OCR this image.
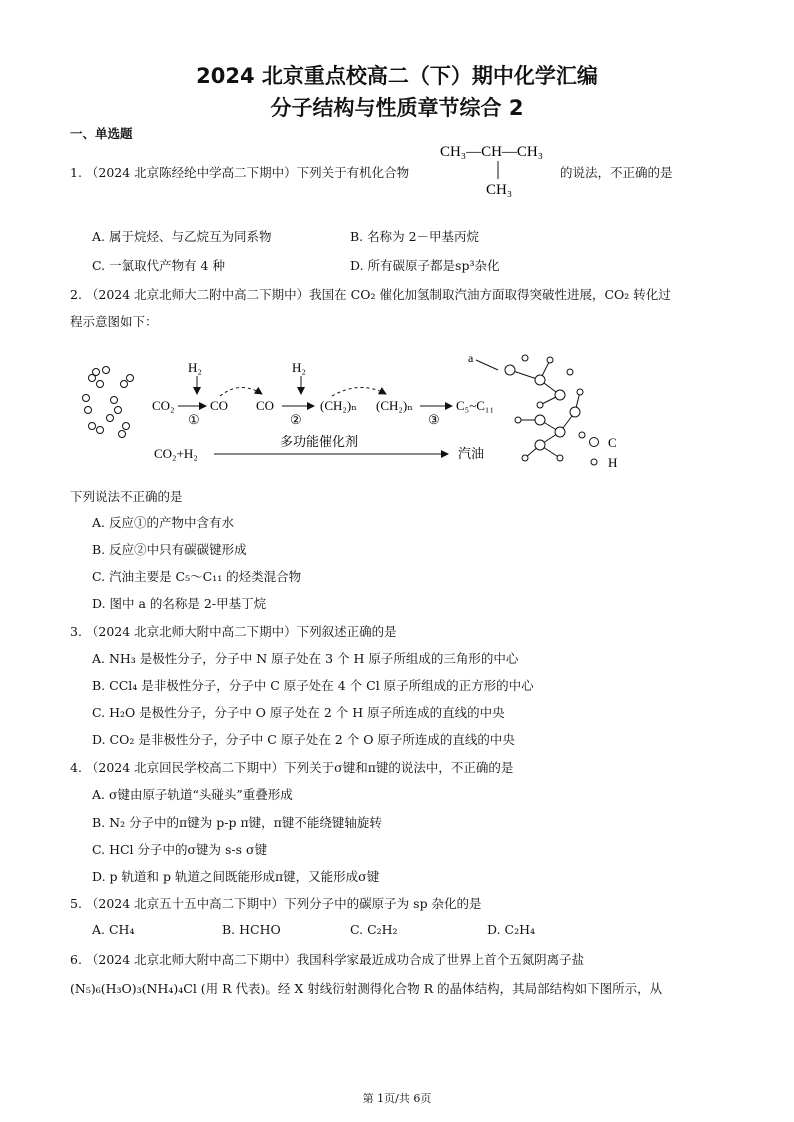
2024 北京重点校高二（下）期中化学汇编
分子结构与性质章节综合 2
一、单选题
1. （2024 北京陈经纶中学高二下期中）下列关于有机化合物
CH₃—CH—CH₃
CH₃
的说法，不正确的是
A. 属于烷烃、与乙烷互为同系物	B. 名称为 2－甲基丙烷
C. 一氯取代产物有 4 种	D. 所有碳原子都是sp³杂化
2. （2024 北京北师大二附中高二下期中）我国在 CO₂ 催化加氢制取汽油方面取得突破性进展，CO₂ 转化过
程示意图如下：
H₂	H₂
CO₂
①
CO CO
②
(CH₂)ₙ (CH₂)ₙ
③
C₅~C₁₁
CO₂+H₂
多功能催化剂
汽油
a
C
H
下列说法不正确的是
A. 反应①的产物中含有水
B. 反应②中只有碳碳键形成
C. 汽油主要是 C₅～C₁₁ 的烃类混合物
D. 图中 a 的名称是 2-甲基丁烷
3. （2024 北京北师大附中高二下期中）下列叙述正确的是
A. NH₃ 是极性分子，分子中 N 原子处在 3 个 H 原子所组成的三角形的中心
B. CCl₄ 是非极性分子，分子中 C 原子处在 4 个 Cl 原子所组成的正方形的中心
C. H₂O 是极性分子，分子中 O 原子处在 2 个 H 原子所连成的直线的中央
D. CO₂ 是非极性分子，分子中 C 原子处在 2 个 O 原子所连成的直线的中央
4. （2024 北京回民学校高二下期中）下列关于σ键和π键的说法中，不正确的是
A. σ键由原子轨道“头碰头”重叠形成
B. N₂ 分子中的π键为 p-p π键，π键不能绕键轴旋转
C. HCl 分子中的σ键为 s-s σ键
D. p 轨道和 p 轨道之间既能形成π键，又能形成σ键
5. （2024 北京五十五中高二下期中）下列分子中的碳原子为 sp 杂化的是
A. CH₄	B. HCHO	C. C₂H₂	D. C₂H₄
6. （2024 北京北师大附中高二下期中）我国科学家最近成功合成了世界上首个五氮阴离子盐
(N₅)₆(H₃O)₃(NH₄)₄Cl (用 R 代表)。经 X 射线衍射测得化合物 R 的晶体结构，其局部结构如下图所示，从
第 1页/共 6页
